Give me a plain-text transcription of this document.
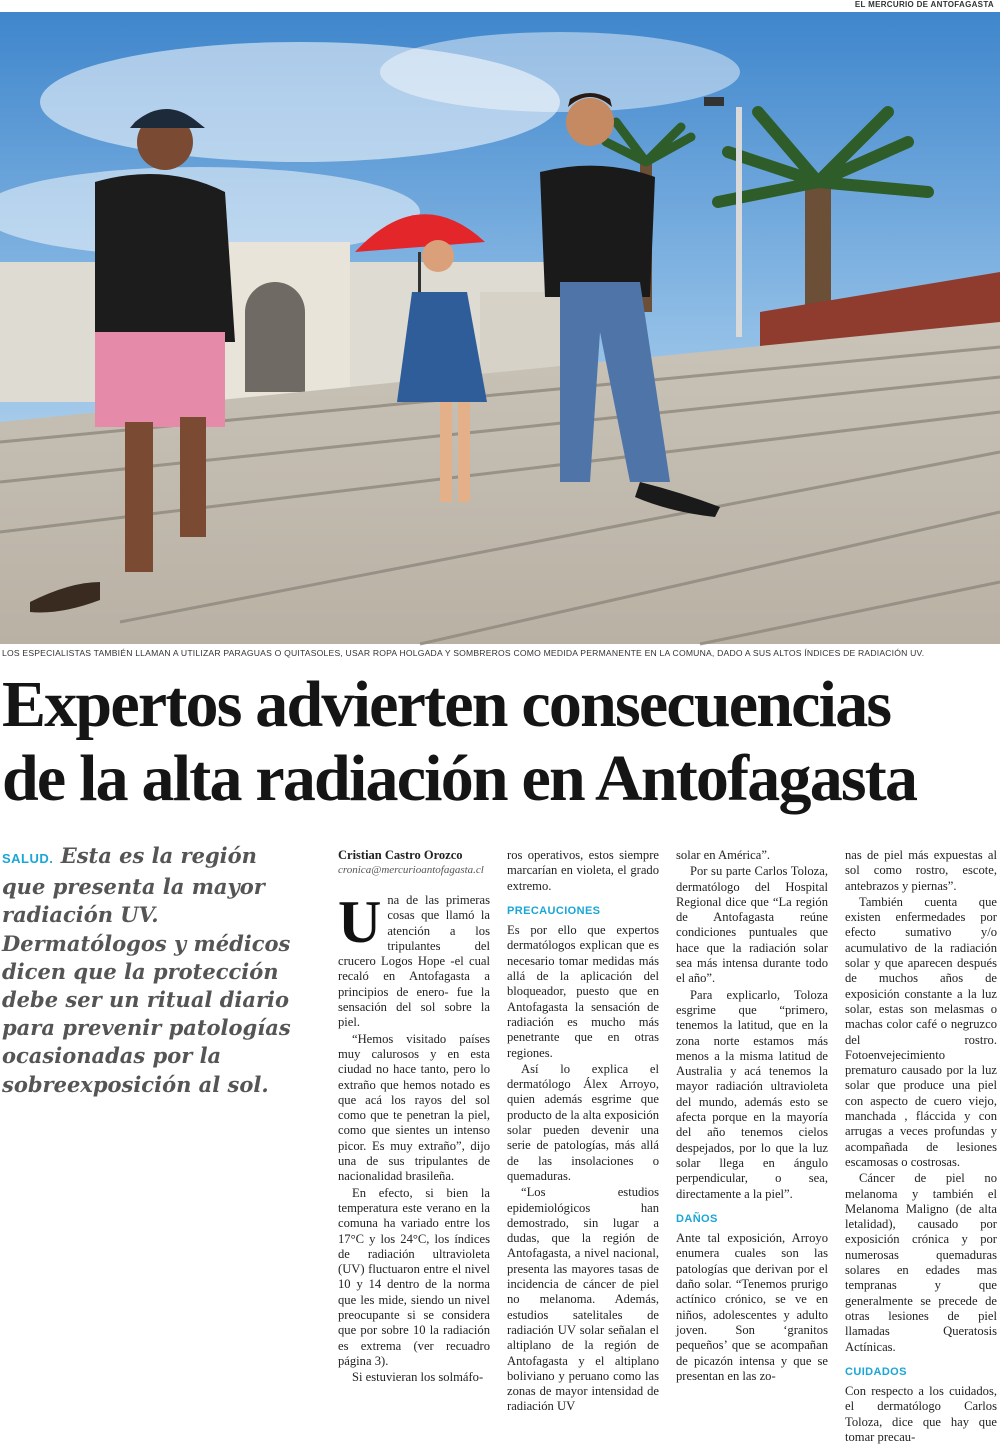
EL MERCURIO DE ANTOFAGASTA
LOS ESPECIALISTAS TAMBIÉN LLAMAN A UTILIZAR PARAGUAS O QUITASOLES, USAR ROPA HOLGADA Y SOMBREROS COMO MEDIDA PERMANENTE EN LA COMUNA, DADO A SUS ALTOS ÍNDICES DE RADIACIÓN UV.
Expertos advierten consecuencias
de la alta radiación en Antofagasta
SALUD. Esta es la región que presenta la mayor radiación UV. Dermatólogos y médicos dicen que la protección debe ser un ritual diario para prevenir patologías ocasionadas por la sobreexposición al sol.
Cristian Castro Orozco
cronica@mercurioantofagasta.cl

Una de las primeras cosas que llamó la atención a los tripulantes del crucero Logos Hope -el cual recaló en Antofagasta a principios de enero- fue la sensación del sol sobre la piel.

“Hemos visitado países muy calurosos y en esta ciudad no hace tanto, pero lo extraño que hemos notado es que acá los rayos del sol como que te penetran la piel, como que sientes un intenso picor. Es muy extraño”, dijo una de sus tripulantes de nacionalidad brasileña.

En efecto, si bien la temperatura este verano en la comuna ha variado entre los 17°C y los 24°C, los índices de radiación ultravioleta (UV) fluctuaron entre el nivel 10 y 14 dentro de la norma que les mide, siendo un nivel preocupante si se considera que por sobre 10 la radiación es extrema (ver recuadro página 3).

Si estuvieran los solmáfo-

ros operativos, estos siempre marcarían en violeta, el grado extremo.

PRECAUCIONES

Es por ello que expertos dermatólogos explican que es necesario tomar medidas más allá de la aplicación del bloqueador, puesto que en Antofagasta la sensación de radiación es mucho más penetrante que en otras regiones.

Así lo explica el dermatólogo Álex Arroyo, quien además esgrime que producto de la alta exposición solar pueden devenir una serie de patologías, más allá de las insolaciones o quemaduras.

“Los estudios epidemiológicos han demostrado, sin lugar a dudas, que la región de Antofagasta, a nivel nacional, presenta las mayores tasas de incidencia de cáncer de piel no melanoma. Además, estudios satelitales de radiación UV solar señalan el altiplano de la región de Antofagasta y el altiplano boliviano y peruano como las zonas de mayor intensidad de radiación UV

solar en América”.

Por su parte Carlos Toloza, dermatólogo del Hospital Regional dice que “La región de Antofagasta reúne condiciones puntuales que hace que la radiación solar sea más intensa durante todo el año”.

Para explicarlo, Toloza esgrime que “primero, tenemos la latitud, que en la zona norte estamos más menos a la misma latitud de Australia y acá tenemos la mayor radiación ultravioleta del mundo, además esto se afecta porque en la mayoría del año tenemos cielos despejados, por lo que la luz solar llega en ángulo perpendicular, o sea, directamente a la piel”.

DAÑOS

Ante tal exposición, Arroyo enumera cuales son las patologías que derivan por el daño solar. “Tenemos prurigo actínico crónico, se ve en niños, adolescentes y adulto joven. Son ‘granitos pequeños’ que se acompañan de picazón intensa y que se presentan en las zo-

nas de piel más expuestas al sol como rostro, escote, antebrazos y piernas”.

También cuenta que existen enfermedades por efecto sumativo y/o acumulativo de la radiación solar y que aparecen después de muchos años de exposición constante a la luz solar, estas son melasmas o machas color café o negruzco del rostro. Fotoenvejecimiento prematuro causado por la luz solar que produce una piel con aspecto de cuero viejo, manchada , fláccida y con arrugas a veces profundas y acompañada de lesiones escamosas o costrosas.

Cáncer de piel no melanoma y también el Melanoma Maligno (de alta letalidad), causado por exposición crónica y por numerosas quemaduras solares en edades mas tempranas y que generalmente se precede de otras lesiones de piel llamadas Queratosis Actínicas.

CUIDADOS

Con respecto a los cuidados, el dermatólogo Carlos Toloza, dice que hay que tomar precau-
